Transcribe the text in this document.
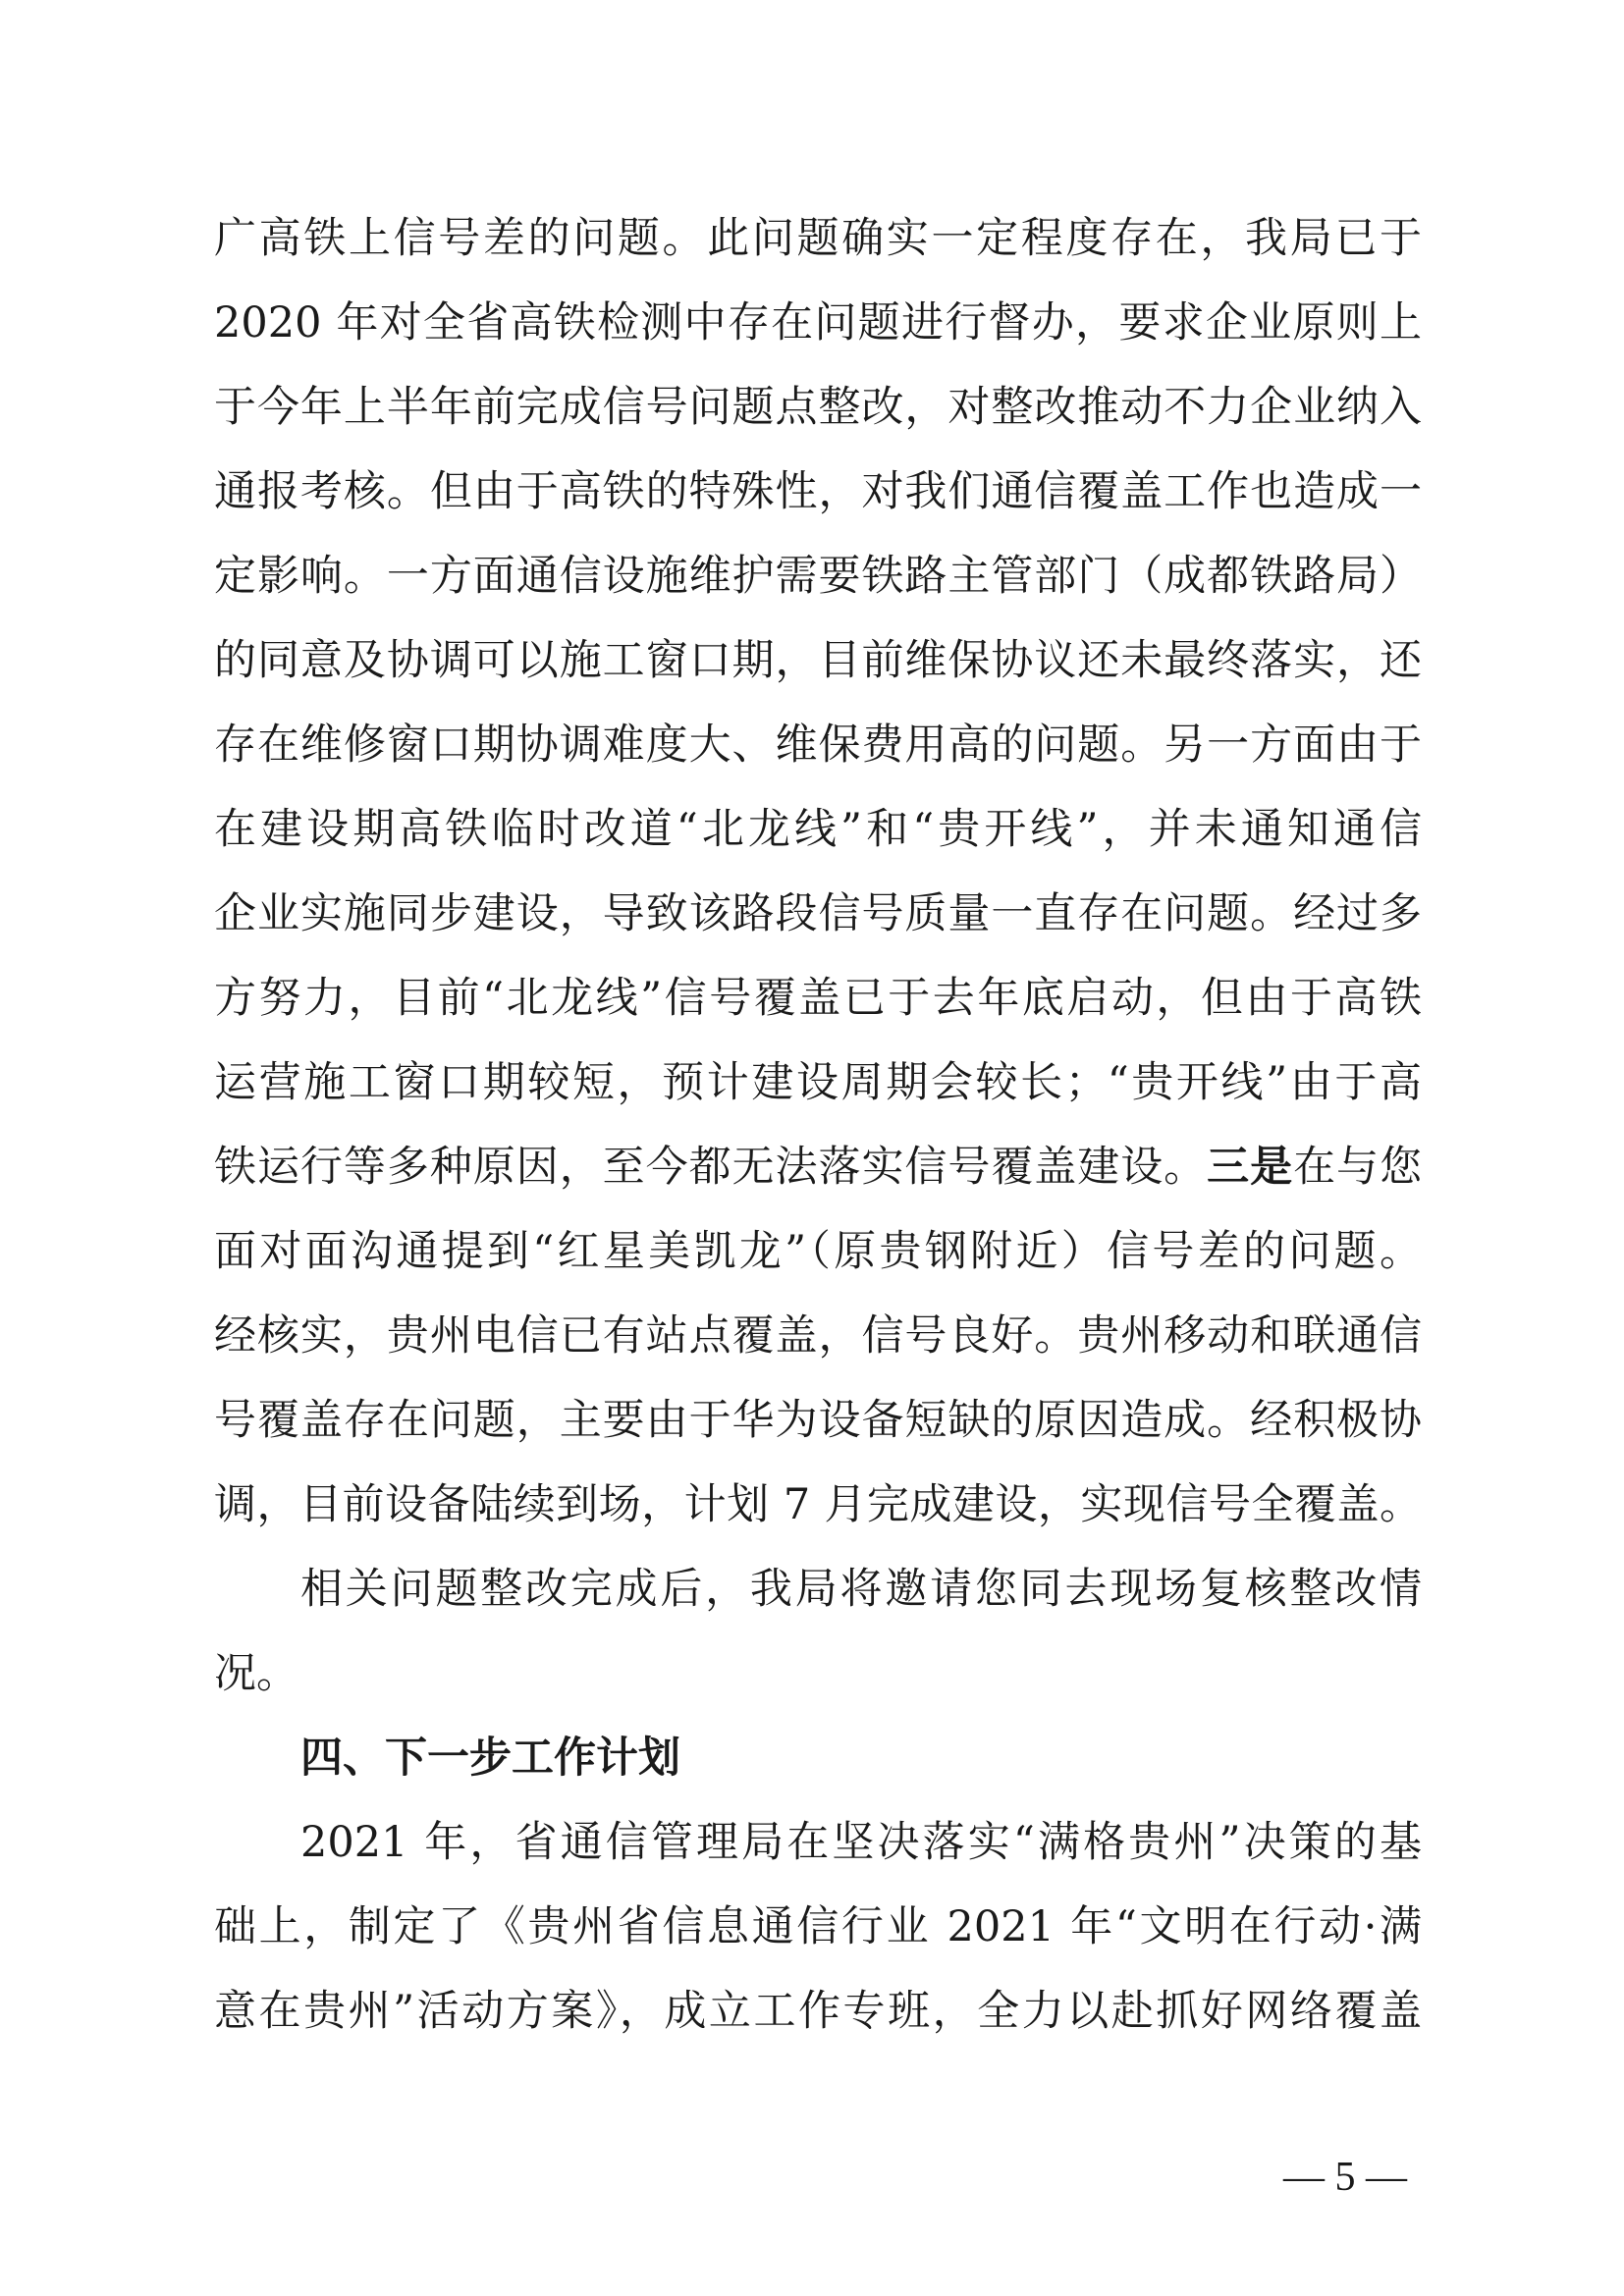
广高铁上信号差的问题。此问题确实一定程度存在，我局已于
2020 年对全省高铁检测中存在问题进行督办，要求企业原则上
于今年上半年前完成信号问题点整改，对整改推动不力企业纳入
通报考核。但由于高铁的特殊性，对我们通信覆盖工作也造成一
定影响。一方面通信设施维护需要铁路主管部门（成都铁路局）
的同意及协调可以施工窗口期，目前维保协议还未最终落实，还
存在维修窗口期协调难度大、维保费用高的问题。另一方面由于
在建设期高铁临时改道“北龙线”和“贵开线”，并未通知通信
企业实施同步建设，导致该路段信号质量一直存在问题。经过多
方努力，目前“北龙线”信号覆盖已于去年底启动，但由于高铁
运营施工窗口期较短，预计建设周期会较长；“贵开线”由于高
铁运行等多种原因，至今都无法落实信号覆盖建设。三是在与您
面对面沟通提到“红星美凯龙”（原贵钢附近）信号差的问题。
经核实，贵州电信已有站点覆盖，信号良好。贵州移动和联通信
号覆盖存在问题，主要由于华为设备短缺的原因造成。经积极协
调，目前设备陆续到场，计划 7 月完成建设，实现信号全覆盖。
相关问题整改完成后，我局将邀请您同去现场复核整改情
况。
四、下一步工作计划
2021 年，省通信管理局在坚决落实“满格贵州”决策的基
础上，制定了《贵州省信息通信行业 2021 年“文明在行动·满
意在贵州”活动方案》，成立工作专班，全力以赴抓好网络覆盖
— 5 —
